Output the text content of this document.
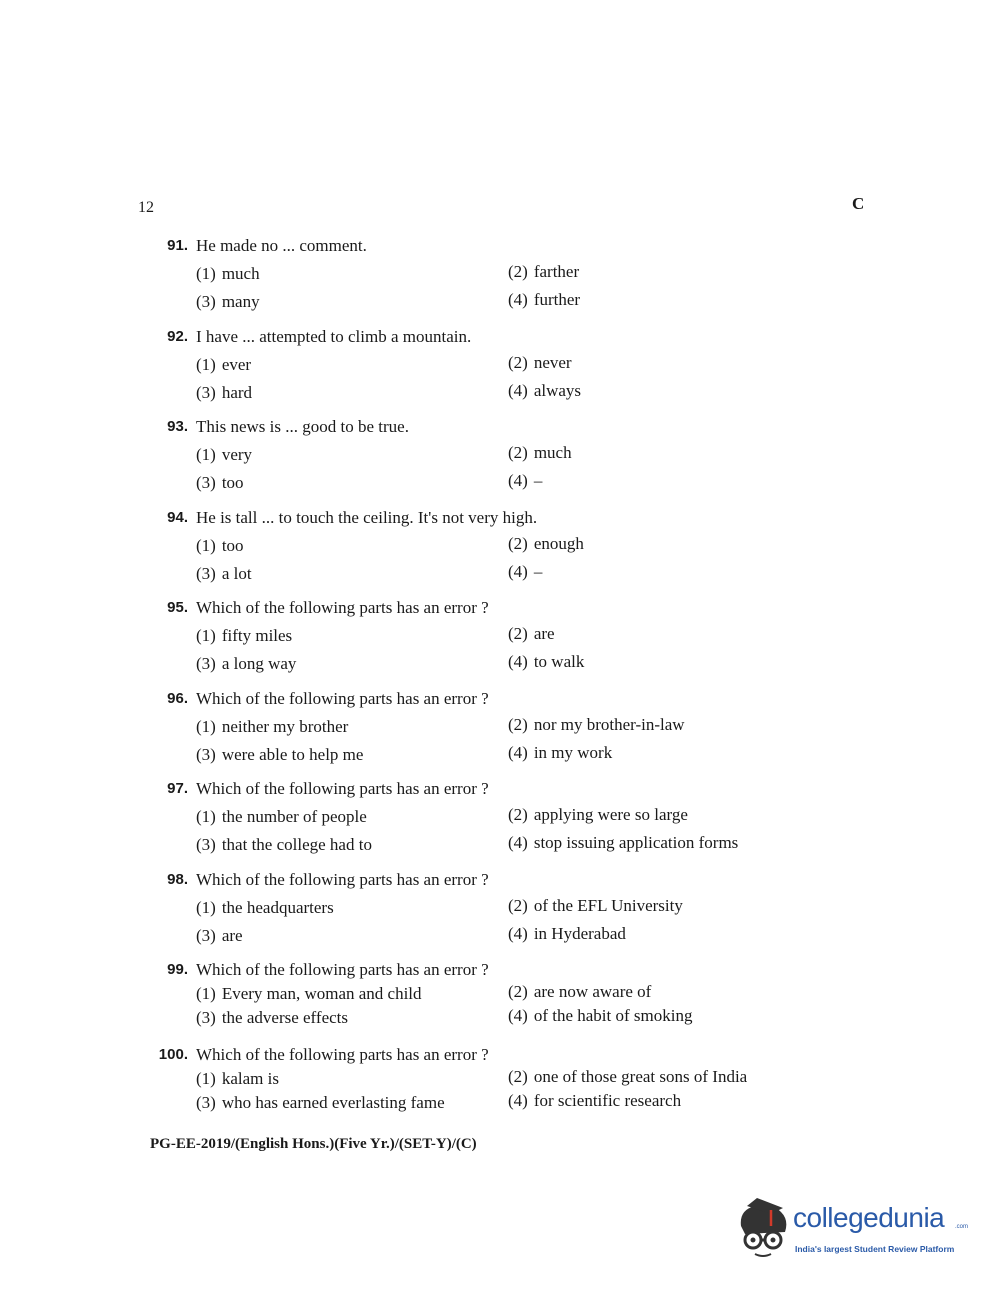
12	C
91. He made no ... comment.
(1) much	(2) farther
(3) many	(4) further
92. I have ... attempted to climb a mountain.
(1) ever	(2) never
(3) hard	(4) always
93. This news is ... good to be true.
(1) very	(2) much
(3) too	(4) –
94. He is tall ... to touch the ceiling. It's not very high.
(1) too	(2) enough
(3) a lot	(4) –
95. Which of the following parts has an error ?
(1) fifty miles	(2) are
(3) a long way	(4) to walk
96. Which of the following parts has an error ?
(1) neither my brother	(2) nor my brother-in-law
(3) were able to help me	(4) in my work
97. Which of the following parts has an error ?
(1) the number of people	(2) applying were so large
(3) that the college had to	(4) stop issuing application forms
98. Which of the following parts has an error ?
(1) the headquarters	(2) of the EFL University
(3) are	(4) in Hyderabad
99. Which of the following parts has an error ?
(1) Every man, woman and child	(2) are now aware of
(3) the adverse effects	(4) of the habit of smoking
100. Which of the following parts has an error ?
(1) kalam is	(2) one of those great sons of India
(3) who has earned everlasting fame	(4) for scientific research
PG-EE-2019/(English Hons.)(Five Yr.)/(SET-Y)/(C)
collegedunia .com
India's largest Student Review Platform
